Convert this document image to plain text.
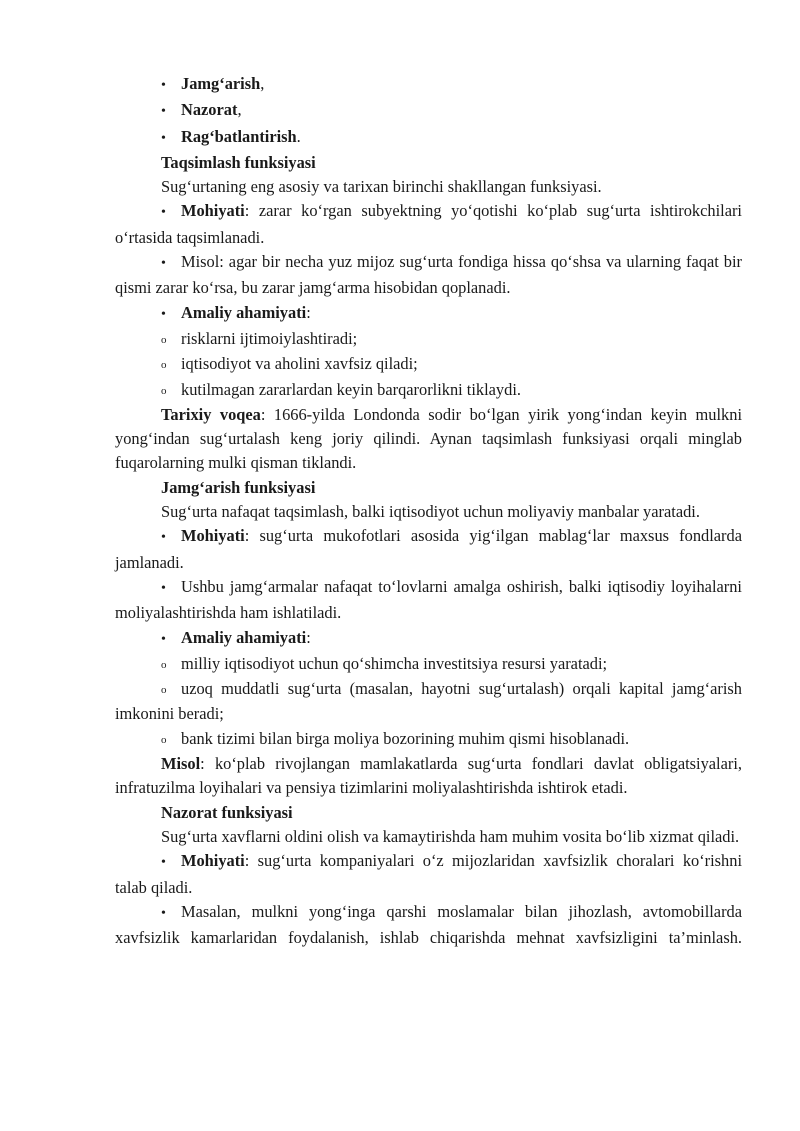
• Jamg‘arish,

• Nazorat,

• Rag‘batlantirish.

Taqsimlash funksiyasi

Sug‘urtaning eng asosiy va tarixan birinchi shakllangan funksiyasi.

• Mohiyati: zarar ko‘rgan subyektning yo‘qotishi ko‘plab sug‘urta ishtirokchilari o‘rtasida taqsimlanadi.

• Misol: agar bir necha yuz mijoz sug‘urta fondiga hissa qo‘shsa va ularning faqat bir qismi zarar ko‘rsa, bu zarar jamg‘arma hisobidan qoplanadi.

• Amaliy ahamiyati:

o risklarni ijtimoiylashtiradi;

o iqtisodiyot va aholini xavfsiz qiladi;

o kutilmagan zararlardan keyin barqarorlikni tiklaydi.

Tarixiy voqea: 1666-yilda Londonda sodir bo‘lgan yirik yong‘indan keyin mulkni yong‘indan sug‘urtalash keng joriy qilindi. Aynan taqsimlash funksiyasi orqali minglab fuqarolarning mulki qisman tiklandi.

Jamg‘arish funksiyasi

Sug‘urta nafaqat taqsimlash, balki iqtisodiyot uchun moliyaviy manbalar yaratadi.

• Mohiyati: sug‘urta mukofotlari asosida yig‘ilgan mablag‘lar maxsus fondlarda jamlanadi.

• Ushbu jamg‘armalar nafaqat to‘lovlarni amalga oshirish, balki iqtisodiy loyihalarni moliyalashtirishda ham ishlatiladi.

• Amaliy ahamiyati:

o milliy iqtisodiyot uchun qo‘shimcha investitsiya resursi yaratadi;

o uzoq muddatli sug‘urta (masalan, hayotni sug‘urtalash) orqali kapital jamg‘arish imkonini beradi;

o bank tizimi bilan birga moliya bozorining muhim qismi hisoblanadi.

Misol: ko‘plab rivojlangan mamlakatlarda sug‘urta fondlari davlat obligatsiyalari, infratuzilma loyihalari va pensiya tizimlarini moliyalashtirishda ishtirok etadi.

Nazorat funksiyasi

Sug‘urta xavflarni oldini olish va kamaytirishda ham muhim vosita bo‘lib xizmat qiladi.

• Mohiyati: sug‘urta kompaniyalari o‘z mijozlaridan xavfsizlik choralari ko‘rishni talab qiladi.

• Masalan, mulkni yong‘inga qarshi moslamalar bilan jihozlash, avtomobillarda xavfsizlik kamarlaridan foydalanish, ishlab chiqarishda mehnat xavfsizligini ta’minlash.
